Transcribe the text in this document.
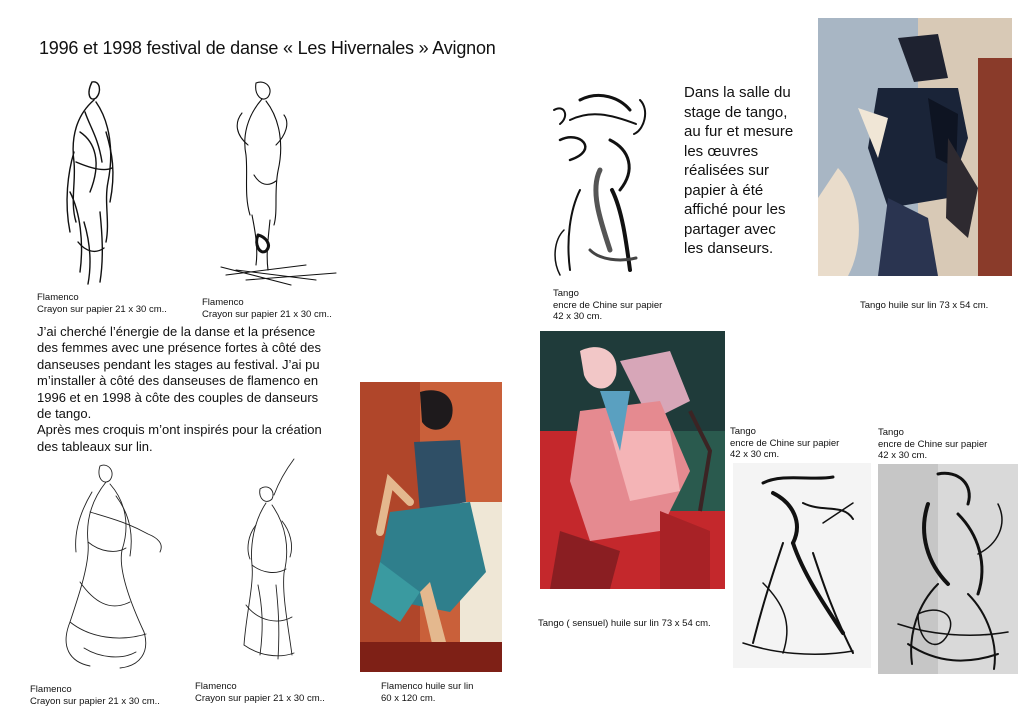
1996 et 1998 festival de danse « Les Hivernales » Avignon
J’ai cherché l’énergie de la danse et la présence
des femmes avec une présence fortes à côté des
danseuses pendant les stages au festival. J’ai pu
m’installer à côté des danseuses de flamenco en
1996 et en 1998 à côte des couples de danseurs
de tango.
Après mes croquis m’ont inspirés pour la création
des tableaux sur lin.
Dans la salle du
stage de tango,
au fur et mesure
les œuvres
réalisées sur
papier à été
affiché pour les
partager avec
les danseurs.
Flamenco
Crayon sur papier 21 x 30 cm..
Flamenco
Crayon sur papier 21 x 30 cm..
Tango
encre de Chine sur papier
42 x 30 cm.
Tango huile sur lin 73 x 54 cm.
Flamenco
Crayon sur papier 21 x 30 cm..
Flamenco
Crayon sur papier 21 x 30 cm..
Flamenco huile sur lin
60 x 120 cm.
Tango ( sensuel) huile sur lin 73 x 54 cm.
Tango
encre de Chine sur papier
42 x 30 cm.
Tango
encre de Chine sur papier
42 x 30 cm.
